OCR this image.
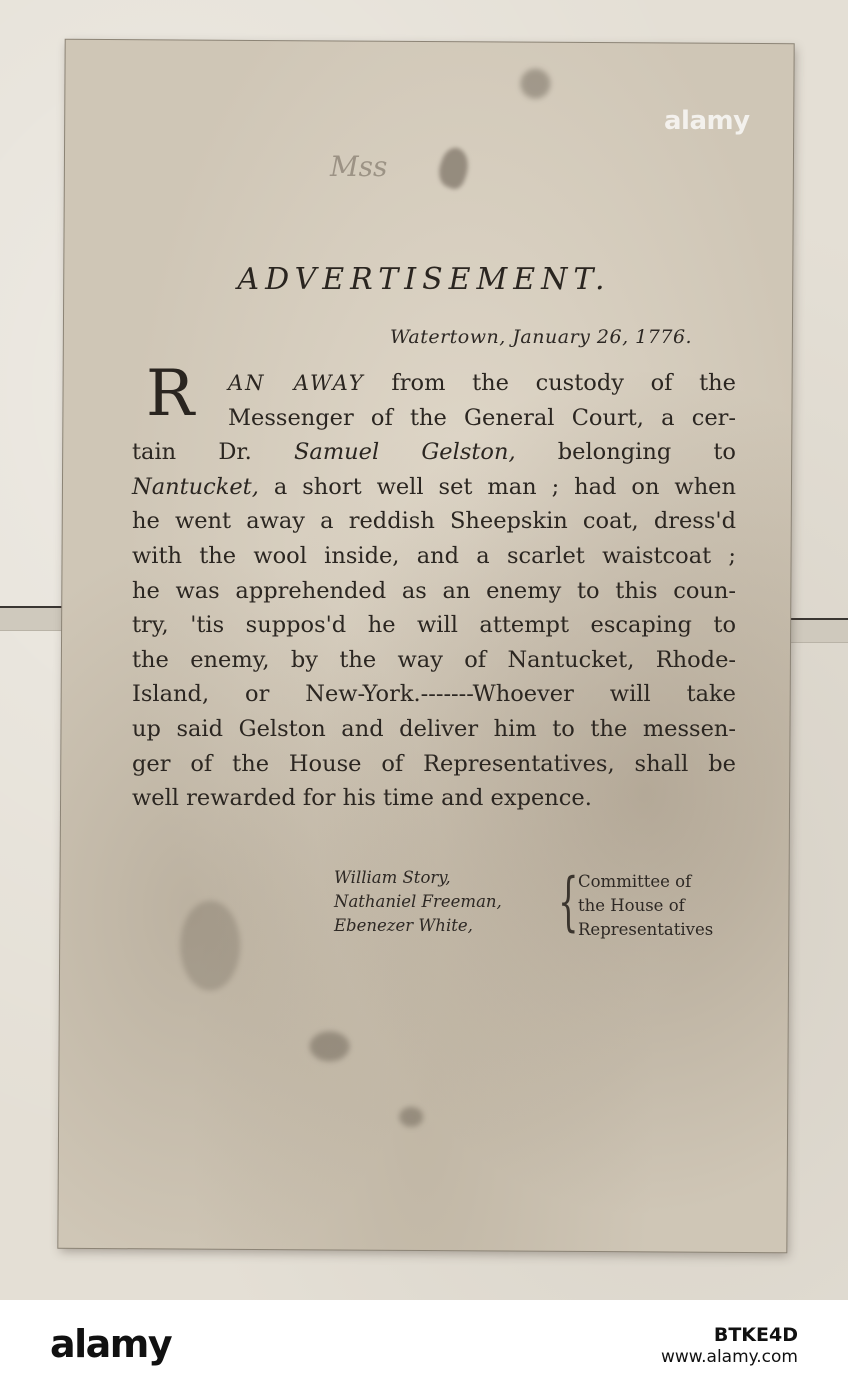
Mss
alamy
ADVERTISEMENT.
Watertown, January 26, 1776.
R	AN AWAY from the custody of the
Messenger of the General Court, a cer-
tain Dr. Samuel Gelston, belonging to
Nantucket, a short well set man ; had on when
he went away a reddish Sheepskin coat, dress'd
with the wool inside, and a scarlet waistcoat ;
he was apprehended as an enemy to this coun-
try, 'tis suppos'd he will attempt escaping to
the enemy, by the way of Nantucket, Rhode-
Island, or New-York.-------Whoever will take
up said Gelston and deliver him to the messen-
ger of the House of Representatives, shall be
well rewarded for his time and expence.
William Story,
Nathaniel Freeman,
Ebenezer White,	{ Committee of
the House of
Representatives
alamy	BTKE4D
www.alamy.com
